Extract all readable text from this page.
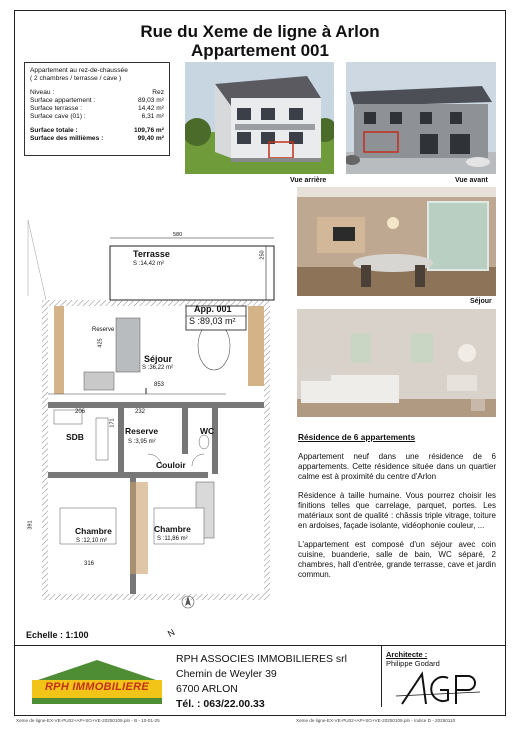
Rue du Xeme de ligne à Arlon
Appartement 001
Appartement au rez-de-chaussée
( 2 chambres / terrasse / cave )
Niveau :	Rez
Surface appartement :	89,03 m²
Surface terrasse :	14,42 m²
Surface cave (01) :	6,31 m²
Surface totale :	109,76 m²
Surface des millièmes :	99,40 m²
Vue arrière	Vue avant
Séjour
Terrasse
S :14,42 m²
580
250
App. 001
S :89,03 m²
Reserve
425
Séjour
S :36,22 m²
853
206
SDB
232
171
Reserve
S :3,95 m²
WC
Couloir
391
Chambre
S :12,10 m²
316
Chambre
S :11,86 m²
N
Résidence de 6 appartements

Appartement neuf dans une résidence de 6 appartements. Cette résidence située dans un quartier calme est à proximité du centre d'Arlon

Résidence à taille humaine. Vous pourrez choisir les finitions telles que carrelage, parquet, portes. Les matériaux sont de qualité : châssis triple vitrage, toiture en ardoises, façade isolante, vidéophonie couleur, ...

L'appartement est composé d'un séjour avec coin cuisine, buanderie, salle de bain, WC séparé, 2 chambres, hall d'entrée, grande terrasse, cave et jardin commun.

Echelle : 1:100
RPH IMMOBILIERE
RPH ASSOCIES IMMOBILIERES srl
Chemin de Weyler 39
6700 ARLON
Tél. : 063/22.00.33
Architecte :
Philippe Godard
Xeme de ligne-EX-VE-PU02+AP+SO+VE-20250109.pln - B - 10-01-25	Xeme de ligne-EX-VE-PU02+AP+SO+VE-20250109.pln - Indice D - 20250110
